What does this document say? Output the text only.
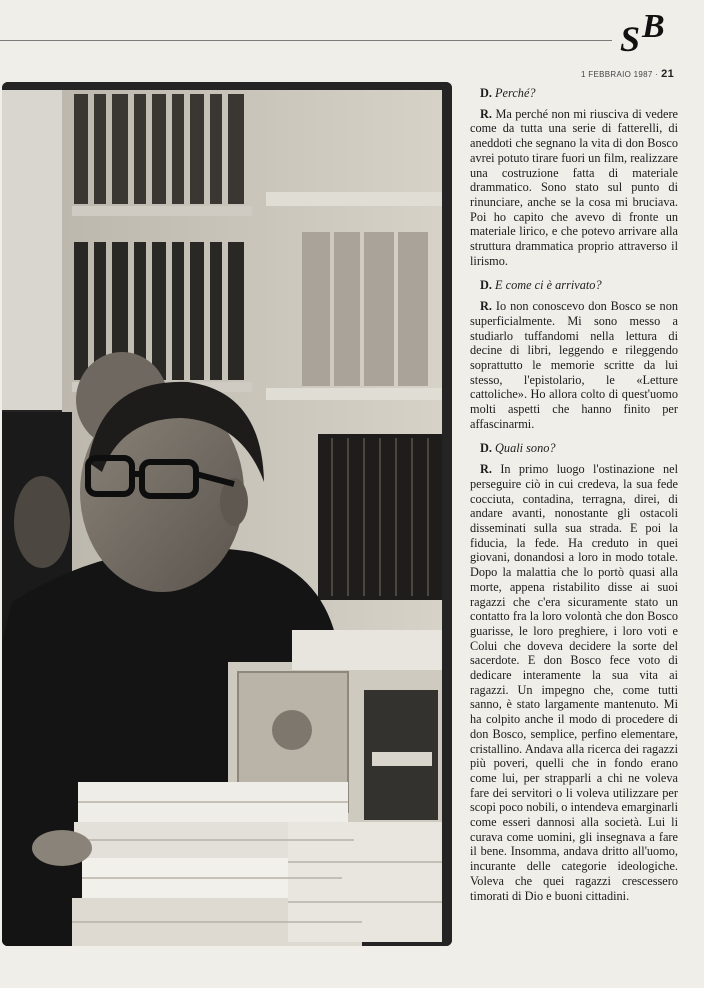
S B
1 FEBBRAIO 1987 · 21

D. Perché?

R. Ma perché non mi riusciva di vedere come da tutta una serie di fatterelli, di aneddoti che segnano la vita di don Bosco avrei potuto tirare fuori un film, realizzare una costruzione fatta di materiale drammatico. Sono stato sul punto di rinunciare, anche se la cosa mi bruciava. Poi ho capito che avevo di fronte un materiale lirico, e che potevo arrivare alla struttura drammatica proprio attraverso il lirismo.

D. E come ci è arrivato?

R. Io non conoscevo don Bosco se non superficialmente. Mi sono messo a studiarlo tuffandomi nella lettura di decine di libri, leggendo e rileggendo soprattutto le memorie scritte da lui stesso, l'epistolario, le «Letture cattoliche». Ho allora colto di quest'uomo molti aspetti che hanno finito per affascinarmi.

D. Quali sono?

R. In primo luogo l'ostinazione nel perseguire ciò in cui credeva, la sua fede cocciuta, contadina, terragna, direi, di andare avanti, nonostante gli ostacoli disseminati sulla sua strada. E poi la fiducia, la fede. Ha creduto in quei giovani, donandosi a loro in modo totale. Dopo la malattia che lo portò quasi alla morte, appena ristabilito disse ai suoi ragazzi che c'era sicuramente stato un contatto fra la loro volontà che don Bosco guarisse, le loro preghiere, i loro voti e Colui che doveva decidere la sorte del sacerdote. E don Bosco fece voto di dedicare interamente la sua vita ai ragazzi. Un impegno che, come tutti sanno, è stato largamente mantenuto. Mi ha colpito anche il modo di procedere di don Bosco, semplice, perfino elementare, cristallino. Andava alla ricerca dei ragazzi più poveri, quelli che in fondo erano come lui, per strapparli a chi ne voleva fare dei servitori o li voleva utilizzare per scopi poco nobili, o intendeva emarginarli come esseri dannosi alla società. Lui li curava come uomini, gli insegnava a fare il bene. Insomma, andava dritto all'uomo, incurante delle categorie ideologiche. Voleva che quei ragazzi crescessero timorati di Dio e buoni cittadini.
